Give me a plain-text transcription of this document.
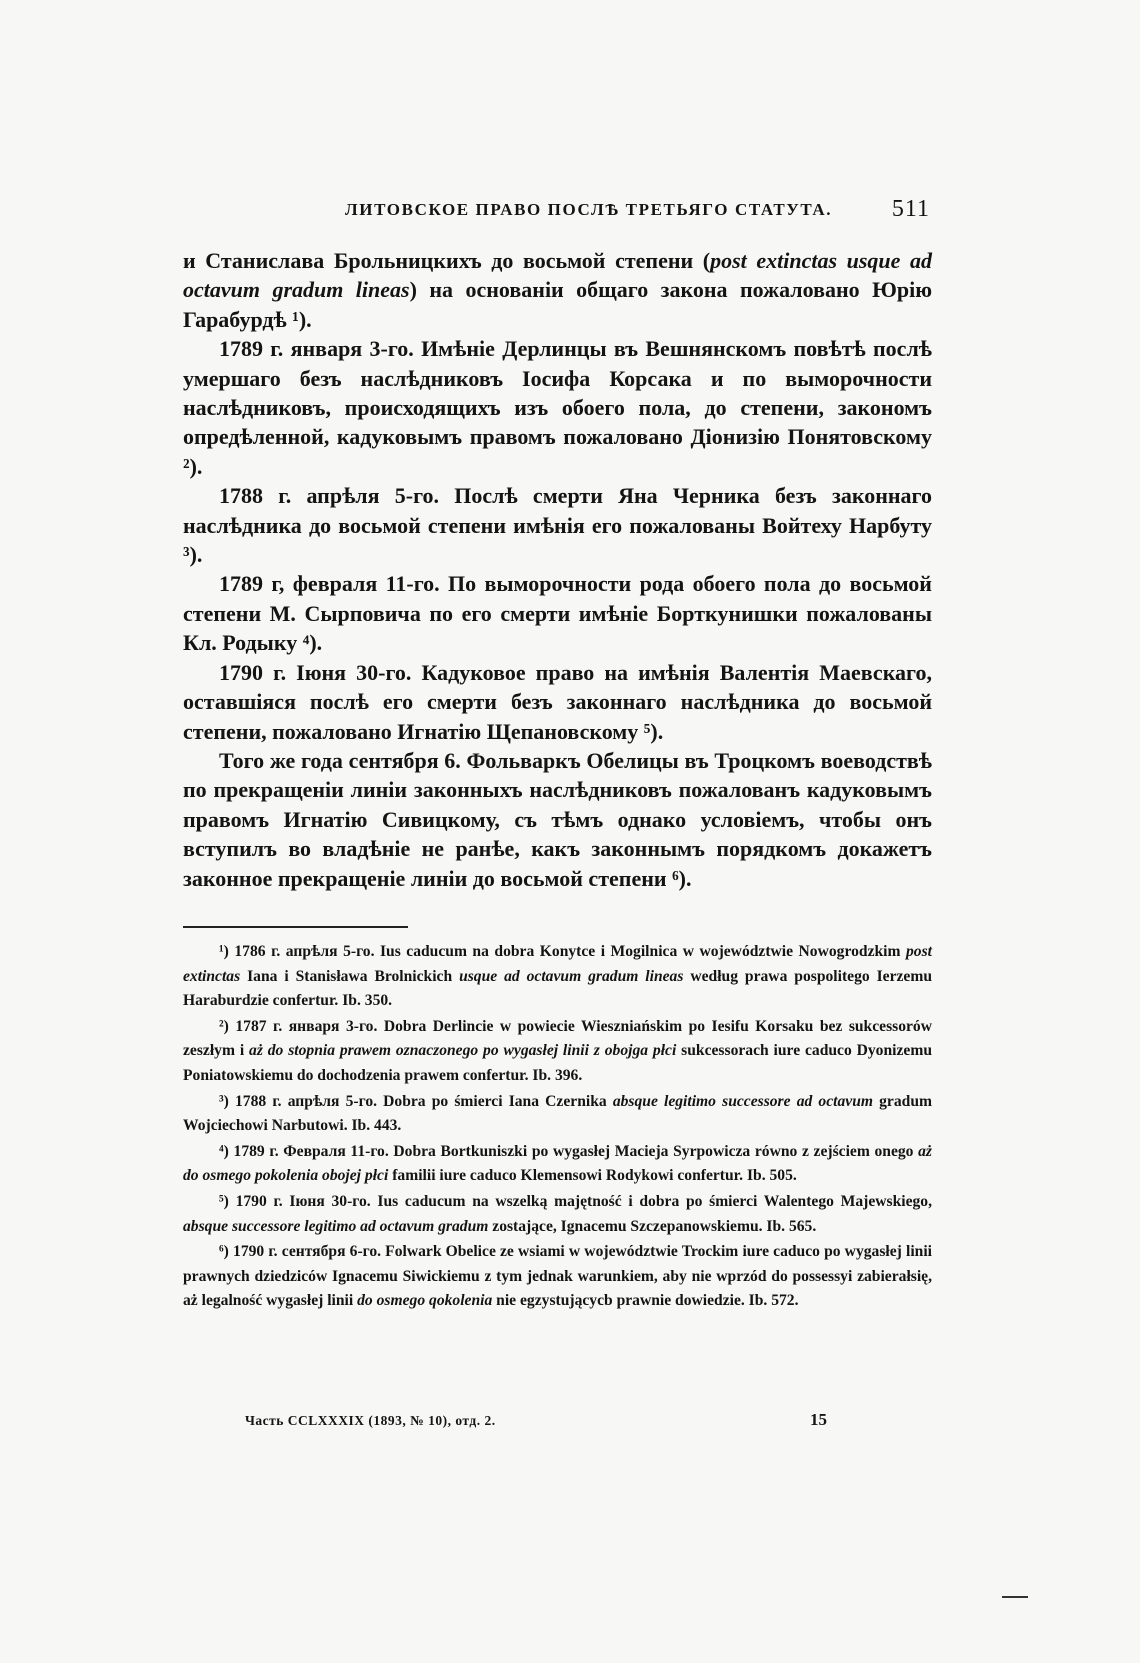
ЛИТОВСКОЕ ПРАВО ПОСЛѢ ТРЕТЬЯГО СТАТУТА. 511

и Станислава Брольницкихъ до восьмой степени (post extinctas usque ad octavum gradum lineas) на основаніи общаго закона пожаловано Юрію Гарабурдѣ ¹).

1789 г. января 3-го. Имѣніе Дерлинцы въ Вешнянскомъ повѣтѣ послѣ умершаго безъ наслѣдниковъ Іосифа Корсака и по выморочности наслѣдниковъ, происходящихъ изъ обоего пола, до степени, закономъ опредѣленной, кадуковымъ правомъ пожаловано Діонизію Понятовскому ²).

1788 г. апрѣля 5-го. Послѣ смерти Яна Черника безъ законнаго наслѣдника до восьмой степени имѣнія его пожалованы Войтеху Нарбуту ³).

1789 г, февраля 11-го. По выморочности рода обоего пола до восьмой степени М. Сырповича по его смерти имѣніе Борткунишки пожалованы Кл. Родыку ⁴).

1790 г. Іюня 30-го. Кадуковое право на имѣнія Валентія Маевскаго, оставшіяся послѣ его смерти безъ законнаго наслѣдника до восьмой степени, пожаловано Игнатію Щепановскому ⁵).

Того же года сентября 6. Фольваркъ Обелицы въ Троцкомъ воеводствѣ по прекращеніи линіи законныхъ наслѣдниковъ пожалованъ кадуковымъ правомъ Игнатію Сивицкому, съ тѣмъ однако условіемъ, чтобы онъ вступилъ во владѣніе не ранѣе, какъ законнымъ порядкомъ докажетъ законное прекращеніе линіи до восьмой степени ⁶).

¹) 1786 г. апрѣля 5-го. Ius caducum na dobra Konytce i Mogilnica w województwie Nowogrodzkim post extinctas Iana i Stanisława Brolnickich usque ad octavum gradum lineas według prawa pospolitego Ierzemu Haraburdzie confertur. Ib. 350.

²) 1787 г. января 3-го. Dobra Derlincie w powiecie Wieszniańskim po Iesifu Korsaku bez sukcessorów zeszłym i aż do stopnia prawem oznaczonego po wygasłej linii z obojga płci sukcessorach iure caduco Dyonizemu Poniatowskiemu do dochodzenia prawem confertur. Ib. 396.

³) 1788 г. апрѣля 5-го. Dobra po śmierci Iana Czernika absque legitimo successore ad octavum gradum Wojciechowi Narbutowi. Ib. 443.

⁴) 1789 г. Февраля 11-го. Dobra Bortkuniszki po wygasłej Macieja Syrpowicza równo z zejściem onego aż do osmego pokolenia obojej płci familii iure caduco Klemensowi Rodykowi confertur. Ib. 505.

⁵) 1790 г. Іюня 30-го. Ius caducum na wszelką majętność i dobra po śmierci Walentego Majewskiego, absque successore legitimo ad octavum gradum zostające, Ignacemu Szczepanowskiemu. Ib. 565.

⁶) 1790 г. сентября 6-го. Folwark Obelice ze wsiami w województwie Trockim iure caduco po wygasłej linii prawnych dziedziców Ignacemu Siwickiemu z tym jednak warunkiem, aby nie wprzód do possessyi zabierałsię, aż legalność wygasłej linii do osmego qokolenia nie egzystującycb prawnie dowiedzie. Ib. 572.

Часть CCLXXXIX (1893, № 10), отд. 2.	15
